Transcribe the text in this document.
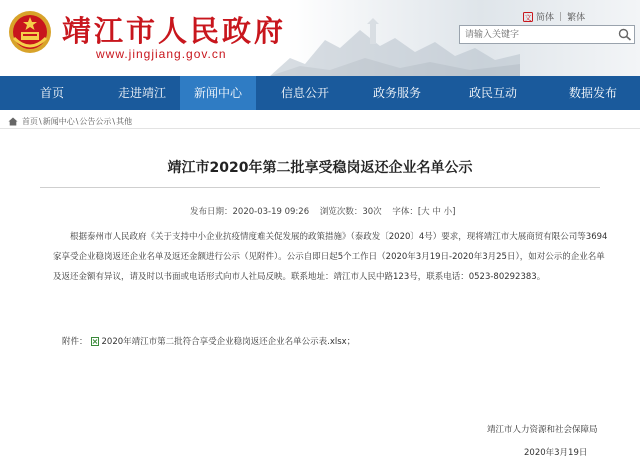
靖江市人民政府
www.jingjiang.gov.cn
文 简体 | 繁体
请输入关键字
首页	走进靖江	新闻中心	信息公开	政务服务	政民互动	数据发布
首页 \ 新闻中心 \ 公告公示 \ 其他
靖江市2020年第二批享受稳岗返还企业名单公示
发布日期：2020-03-19 09:26 浏览次数：30次 字体：[大 中 小]

根据泰州市人民政府《关于支持中小企业抗疫情度难关促发展的政策措施》（泰政发〔2020〕4号）要求，现将靖江市大展商贸有限公司等3694家享受企业稳岗返还企业名单及返还金额进行公示（见附件）。公示自即日起5个工作日（2020年3月19日-2020年3月25日），如对公示的企业名单及返还金额有异议，请及时以书面或电话形式向市人社局反映。联系地址：靖江市人民中路123号，联系电话：0523-80292383。

附件： 2020年靖江市第二批符合享受企业稳岗返还企业名单公示表.xlsx；
靖江市人力资源和社会保障局
2020年3月19日
